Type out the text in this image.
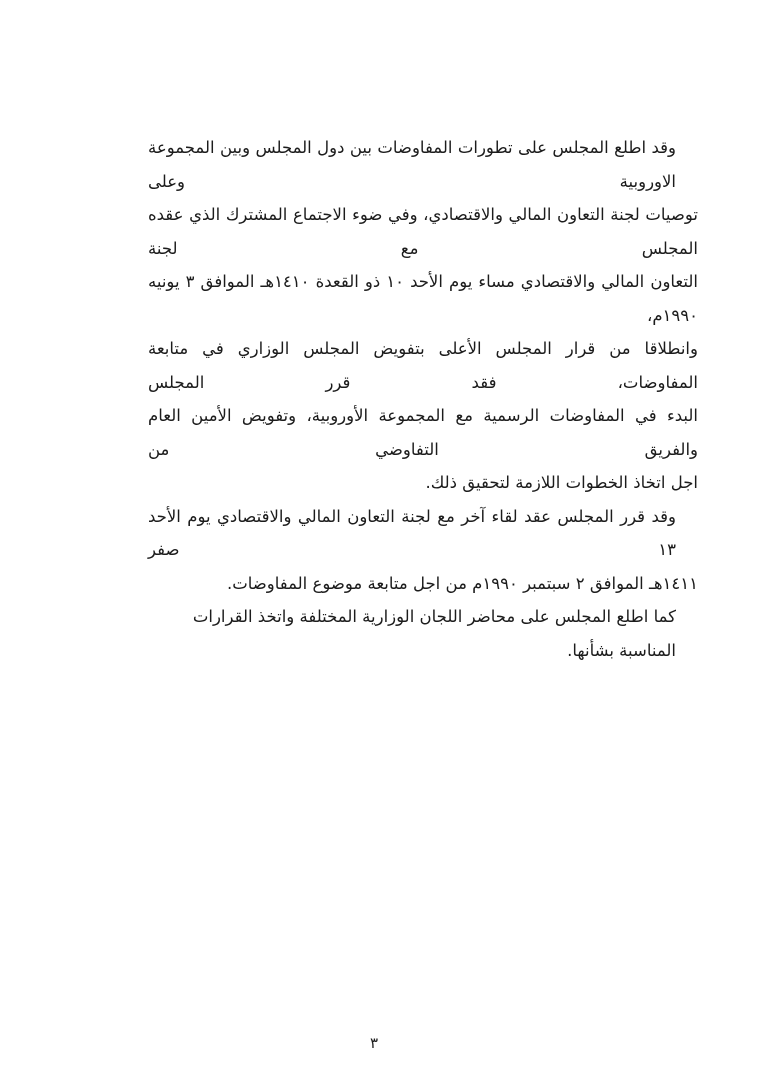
وقد اطلع المجلس على تطورات المفاوضات بين دول المجلس وبين المجموعة الاوروبية وعلى
توصيات لجنة التعاون المالي والاقتصادي، وفي ضوء الاجتماع المشترك الذي عقده المجلس مع لجنة
التعاون المالي والاقتصادي مساء يوم الأحد ١٠ ذو القعدة ١٤١٠هـ الموافق ٣ يونيه ١٩٩٠م،
وانطلاقا من قرار المجلس الأعلى بتفويض المجلس الوزاري في متابعة المفاوضات، فقد قرر المجلس
البدء في المفاوضات الرسمية مع المجموعة الأوروبية، وتفويض الأمين العام والفريق التفاوضي من
اجل اتخاذ الخطوات اللازمة لتحقيق ذلك.

وقد قرر المجلس عقد لقاء آخر مع لجنة التعاون المالي والاقتصادي يوم الأحد ١٣ صفر
١٤١١هـ الموافق ٢ سبتمبر ١٩٩٠م من اجل متابعة موضوع المفاوضات.

كما اطلع المجلس على محاضر اللجان الوزارية المختلفة واتخذ القرارات المناسبة بشأنها.

٣
